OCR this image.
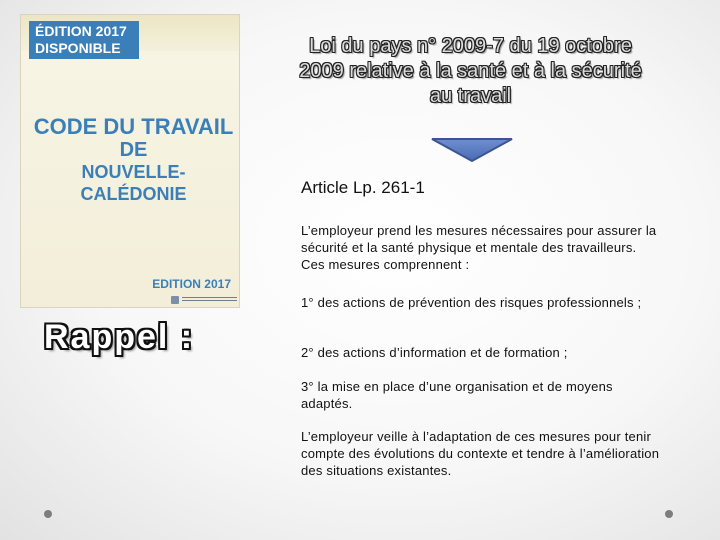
ÉDITION 2017
DISPONIBLE
CODE DU TRAVAIL
DE
NOUVELLE-CALÉDONIE
EDITION 2017
Loi du pays n° 2009-7 du 19 octobre 2009 relative à la santé et à la sécurité au travail
Article Lp. 261-1
L’employeur prend les mesures nécessaires pour assurer la sécurité et la santé physique et mentale des travailleurs. Ces mesures comprennent :
1° des actions de prévention des risques professionnels ;
2° des actions d’information et de formation ;
3° la mise en place d’une organisation et de moyens adaptés.
L’employeur veille à l’adaptation de ces mesures pour tenir compte des évolutions du contexte et tendre à l’amélioration des situations existantes.
Rappel :
